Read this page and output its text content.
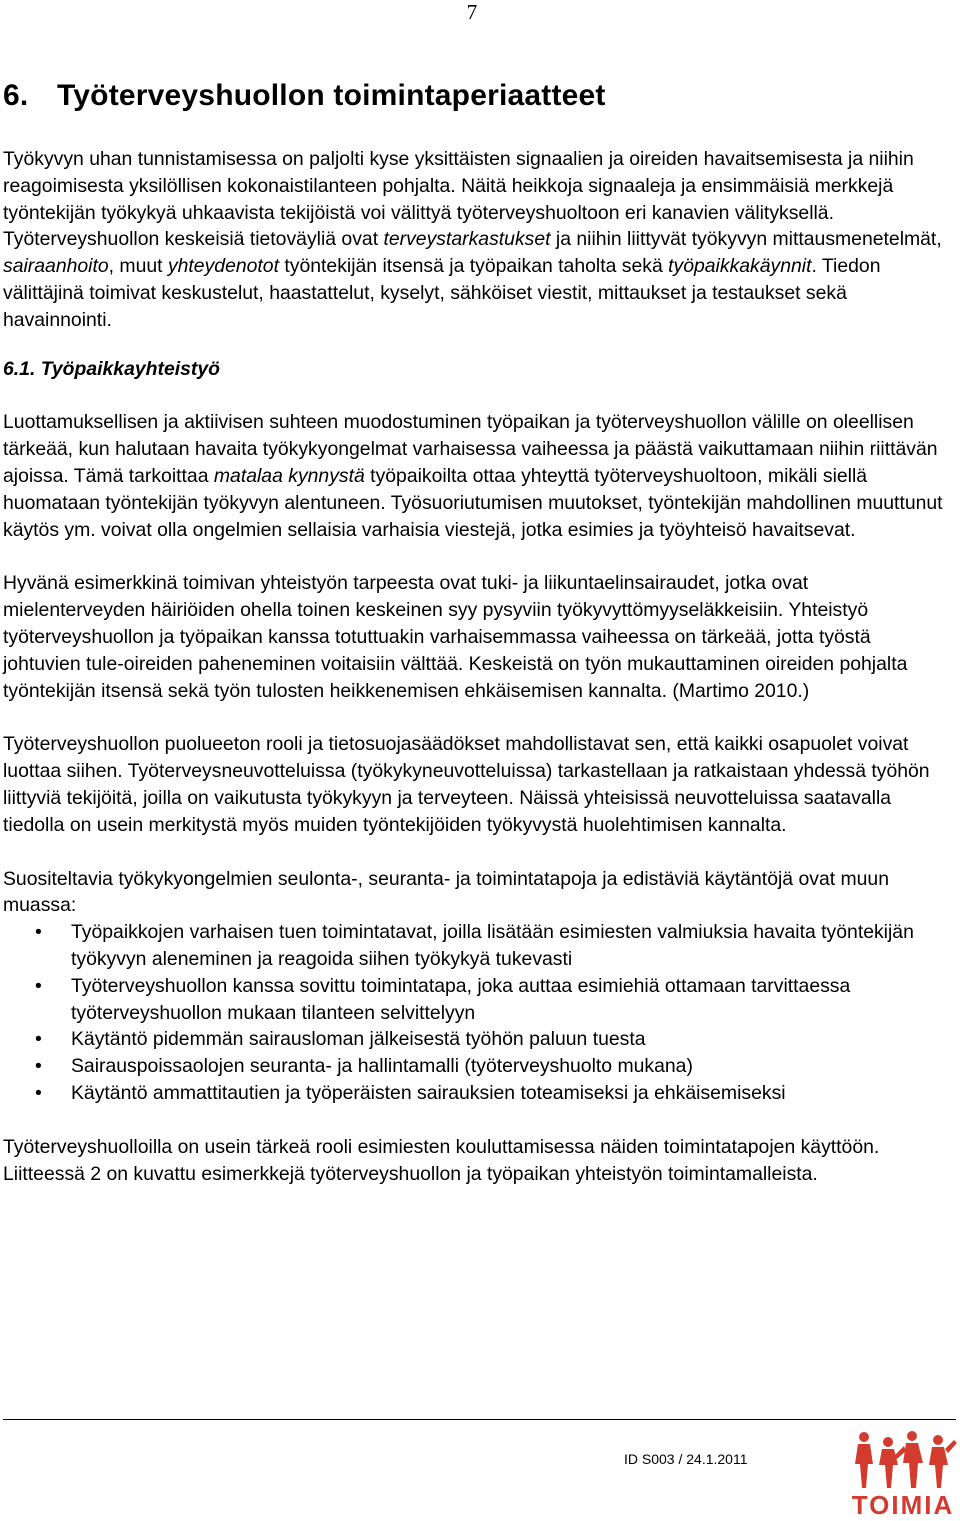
7
6. Työterveyshuollon toimintaperiaatteet

Työkyvyn uhan tunnistamisessa on paljolti kyse yksittäisten signaalien ja oireiden havaitsemisesta ja niihin reagoimisesta yksilöllisen kokonaistilanteen pohjalta. Näitä heikkoja signaaleja ja ensimmäisiä merkkejä työntekijän työkykyä uhkaavista tekijöistä voi välittyä työterveyshuoltoon eri kanavien välityksellä. Työterveyshuollon keskeisiä tietoväyliä ovat terveystarkastukset ja niihin liittyvät työkyvyn mittausmenetelmät, sairaanhoito, muut yhteydenotot työntekijän itsensä ja työpaikan taholta sekä työpaikkakäynnit. Tiedon välittäjinä toimivat keskustelut, haastattelut, kyselyt, sähköiset viestit, mittaukset ja testaukset sekä havainnointi.

6.1. Työpaikkayhteistyö

Luottamuksellisen ja aktiivisen suhteen muodostuminen työpaikan ja työterveyshuollon välille on oleellisen tärkeää, kun halutaan havaita työkykyongelmat varhaisessa vaiheessa ja päästä vaikuttamaan niihin riittävän ajoissa. Tämä tarkoittaa matalaa kynnystä työpaikoilta ottaa yhteyttä työterveyshuoltoon, mikäli siellä huomataan työntekijän työkyvyn alentuneen. Työsuoriutumisen muutokset, työntekijän mahdollinen muuttunut käytös ym. voivat olla ongelmien sellaisia varhaisia viestejä, jotka esimies ja työyhteisö havaitsevat.

Hyvänä esimerkkinä toimivan yhteistyön tarpeesta ovat tuki- ja liikuntaelinsairaudet, jotka ovat mielenterveyden häiriöiden ohella toinen keskeinen syy pysyviin työkyvyttömyyseläkkeisiin. Yhteistyö työterveyshuollon ja työpaikan kanssa totuttuakin varhaisemmassa vaiheessa on tärkeää, jotta työstä johtuvien tule-oireiden paheneminen voitaisiin välttää. Keskeistä on työn mukauttaminen oireiden pohjalta työntekijän itsensä sekä työn tulosten heikkenemisen ehkäisemisen kannalta. (Martimo 2010.)

Työterveyshuollon puolueeton rooli ja tietosuojasäädökset mahdollistavat sen, että kaikki osapuolet voivat luottaa siihen. Työterveysneuvotteluissa (työkykyneuvotteluissa) tarkastellaan ja ratkaistaan yhdessä työhön liittyviä tekijöitä, joilla on vaikutusta työkykyyn ja terveyteen. Näissä yhteisissä neuvotteluissa saatavalla tiedolla on usein merkitystä myös muiden työntekijöiden työkyvystä huolehtimisen kannalta.

Suositeltavia työkykyongelmien seulonta-, seuranta- ja toimintatapoja ja edistäviä käytäntöjä ovat muun muassa:

•	Työpaikkojen varhaisen tuen toimintatavat, joilla lisätään esimiesten valmiuksia havaita työntekijän työkyvyn aleneminen ja reagoida siihen työkykyä tukevasti
•	Työterveyshuollon kanssa sovittu toimintatapa, joka auttaa esimiehiä ottamaan tarvittaessa työterveyshuollon mukaan tilanteen selvittelyyn
•	Käytäntö pidemmän sairausloman jälkeisestä työhön paluun tuesta
•	Sairauspoissaolojen seuranta- ja hallintamalli (työterveyshuolto mukana)
•	Käytäntö ammattitautien ja työperäisten sairauksien toteamiseksi ja ehkäisemiseksi

Työterveyshuolloilla on usein tärkeä rooli esimiesten kouluttamisessa näiden toimintatapojen käyttöön. Liitteessä 2 on kuvattu esimerkkejä työterveyshuollon ja työpaikan yhteistyön toimintamalleista.

ID S003 / 24.1.2011
TOIMIA
